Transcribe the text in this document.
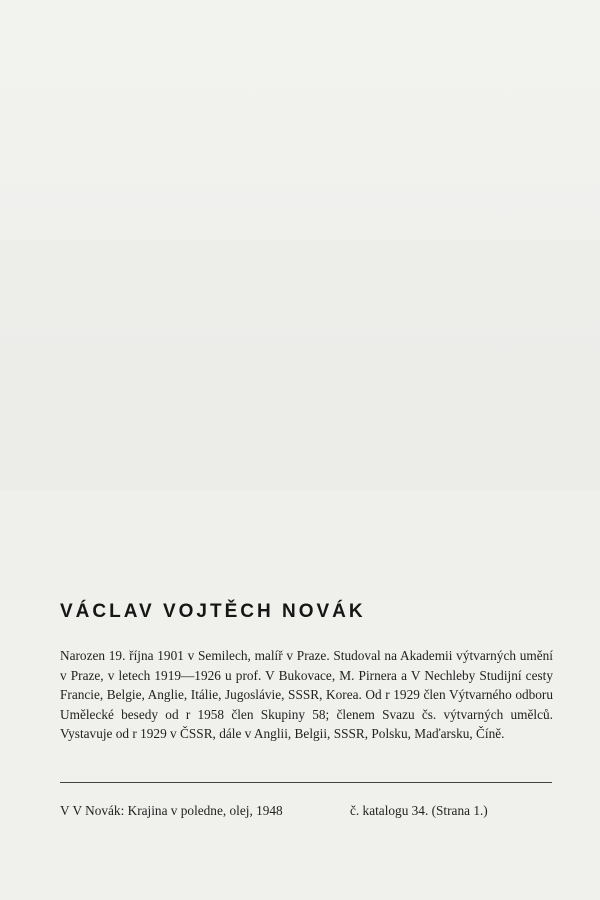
VÁCLAV VOJTĚCH NOVÁK
Narozen 19. října 1901 v Semilech, malíř v Praze. Studoval na Akademii výtvarných umění v Praze, v letech 1919—1926 u prof. V Bukovace, M. Pirnera a V Nechleby Studijní cesty Francie, Belgie, Anglie, Itálie, Jugoslávie, SSSR, Korea. Od r 1929 člen Výtvarného odboru Umělecké besedy od r 1958 člen Skupiny 58; členem Svazu čs. výtvarných umělců. Vystavuje od r 1929 v ČSSR, dále v Anglii, Belgii, SSSR, Polsku, Maďarsku, Číně.
V V Novák: Krajina v poledne, olej, 1948	č. katalogu 34. (Strana 1.)
